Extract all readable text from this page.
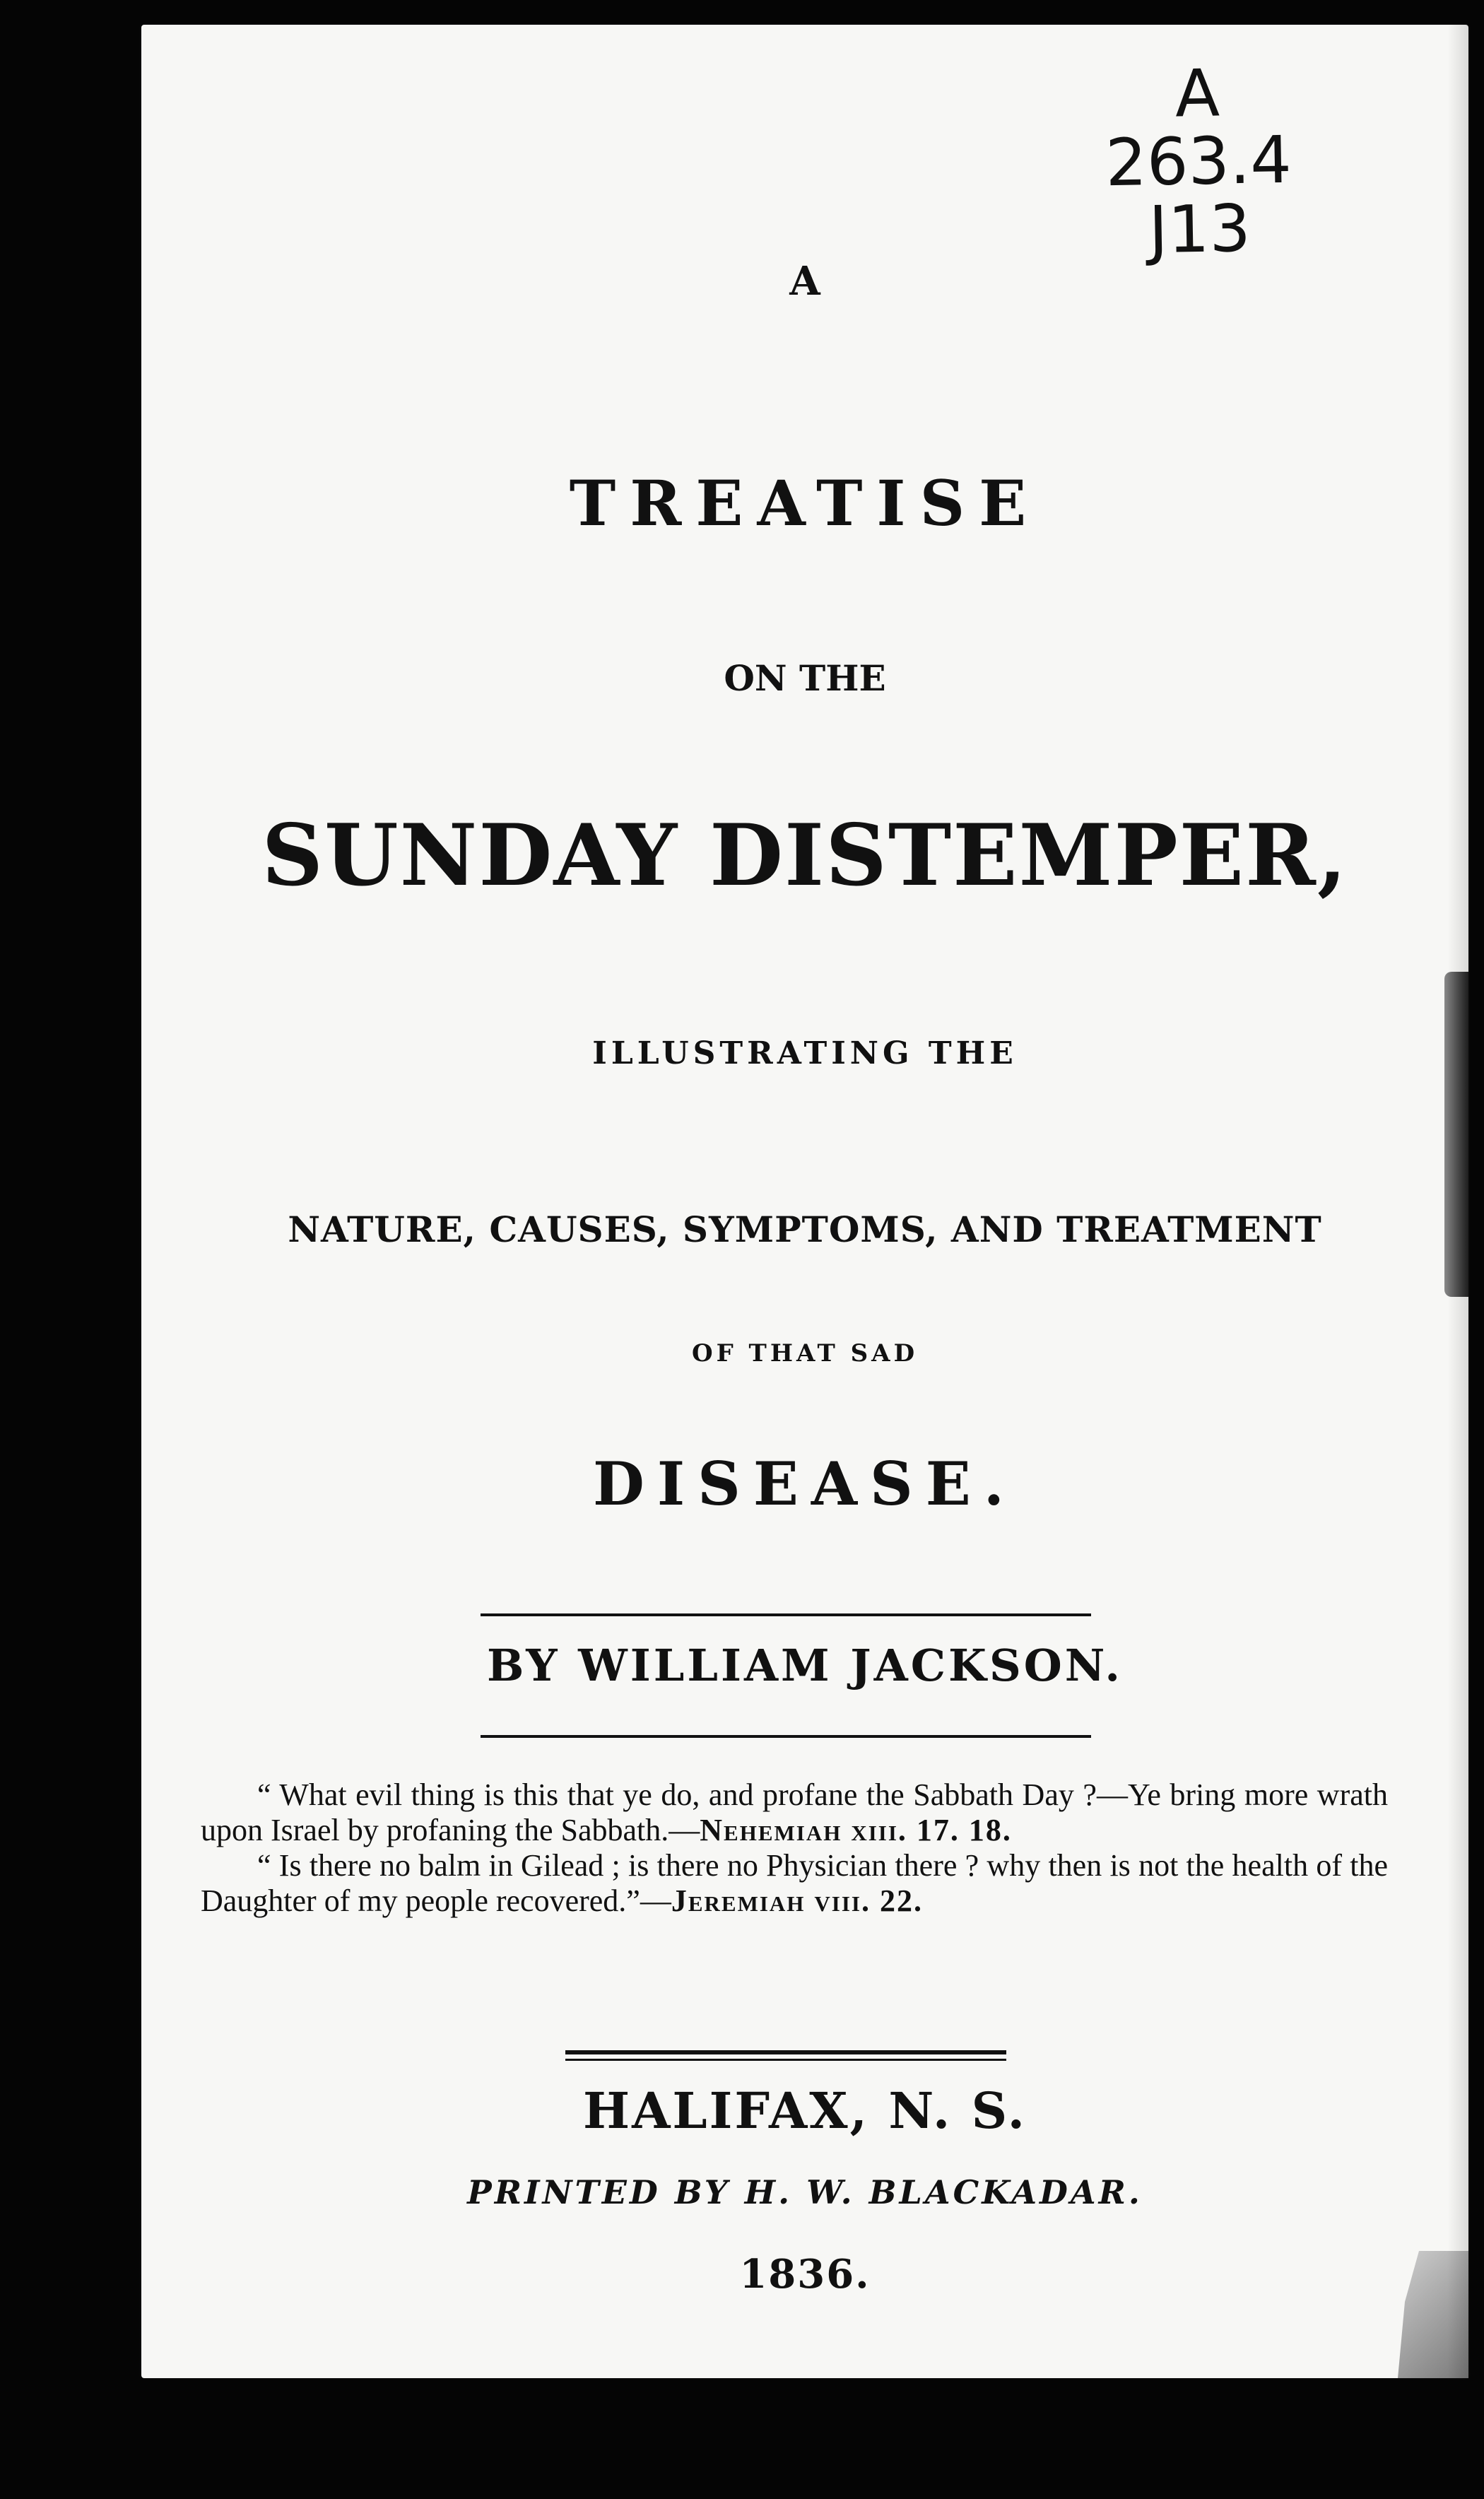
A
263.4
J13
A
TREATISE
ON THE
SUNDAY DISTEMPER,
ILLUSTRATING THE
NATURE, CAUSES, SYMPTOMS, AND TREATMENT
OF THAT SAD
DISEASE.
BY WILLIAM JACKSON.

“ What evil thing is this that ye do, and profane the Sabbath Day ?—Ye bring more wrath upon Israel by profaning the Sabbath.—Nehemiah xiii. 17. 18.

“ Is there no balm in Gilead ; is there no Physician there ? why then is not the health of the Daughter of my people recovered.”—Jeremiah viii. 22.

HALIFAX, N. S.
PRINTED BY H. W. BLACKADAR.
1836.
